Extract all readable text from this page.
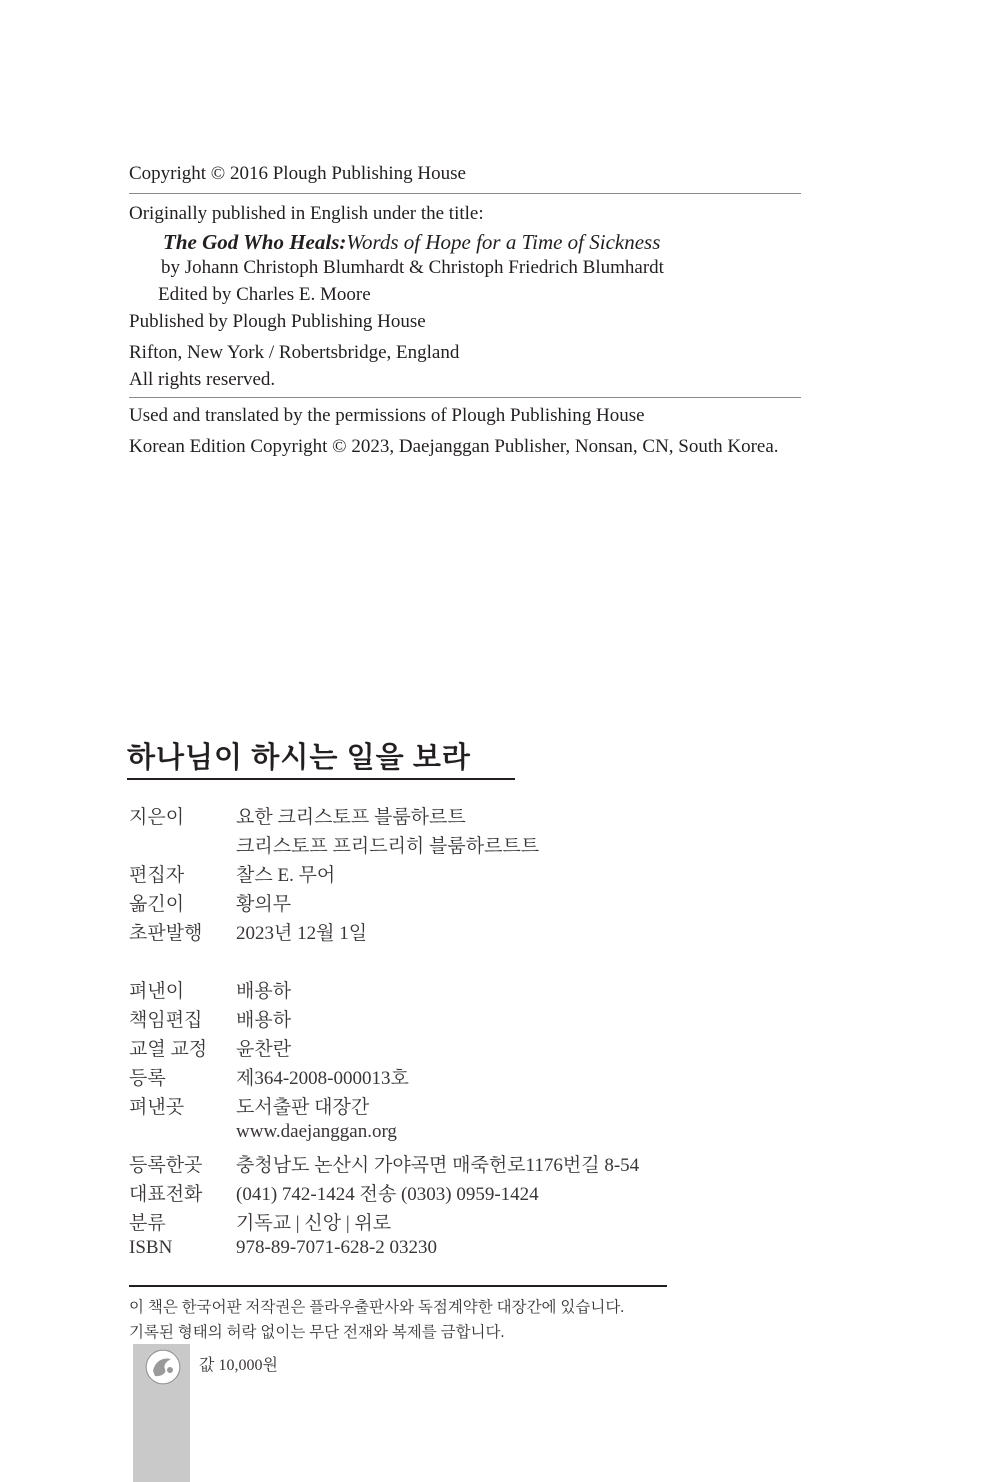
Copyright © 2016 Plough Publishing House
Originally published in English under the title:
The God Who Heals:Words of Hope for a Time of Sickness
by Johann Christoph Blumhardt & Christoph Friedrich Blumhardt
Edited by Charles E. Moore
Published by Plough Publishing House
Rifton, New York / Robertsbridge, England
All rights reserved.
Used and translated by the permissions of Plough Publishing House
Korean Edition Copyright © 2023, Daejanggan Publisher, Nonsan, CN, South Korea.
하나님이 하시는 일을 보라
지은이	요한 크리스토프 블룸하르트
크리스토프 프리드리히 블룸하르트트
편집자	찰스 E. 무어
옮긴이	황의무
초판발행 2023년 12월 1일
펴낸이	배용하
책임편집 배용하
교열 교정 윤찬란
등록	제364-2008-000013호
펴낸곳	도서출판 대장간
www.daejanggan.org
등록한곳 충청남도 논산시 가야곡면 매죽헌로1176번길 8-54
대표전화 (041) 742-1424 전송 (0303) 0959-1424
분류	기독교 | 신앙 | 위로
ISBN	978-89-7071-628-2 03230
이 책은 한국어판 저작권은 플라우출판사와 독점계약한 대장간에 있습니다.
기록된 형태의 허락 없이는 무단 전재와 복제를 금합니다.
값 10,000원
